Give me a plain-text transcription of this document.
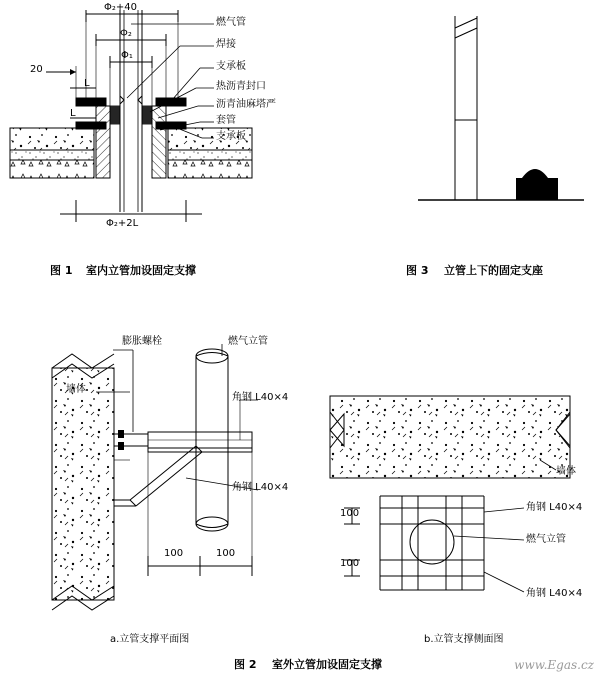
Φ₂+40
Φ₂
Φ₁
20
L
L
Φ₂+2L
燃气管
焊接
支承板
热沥青封口
沥青油麻塔严
套管
支承板
图 1 室内立管加设固定支撑	图 3 立管上下的固定支座
膨胀螺栓	燃气立管
墙体
角钢 L40×4
角钢 L40×4
100	100
a.立管支撑平面图
墙体
角钢 L40×4
燃气立管
角钢 L40×4
100
100
b.立管支撑侧面图
图 2 室外立管加设固定支撑	www.Egas.cz
